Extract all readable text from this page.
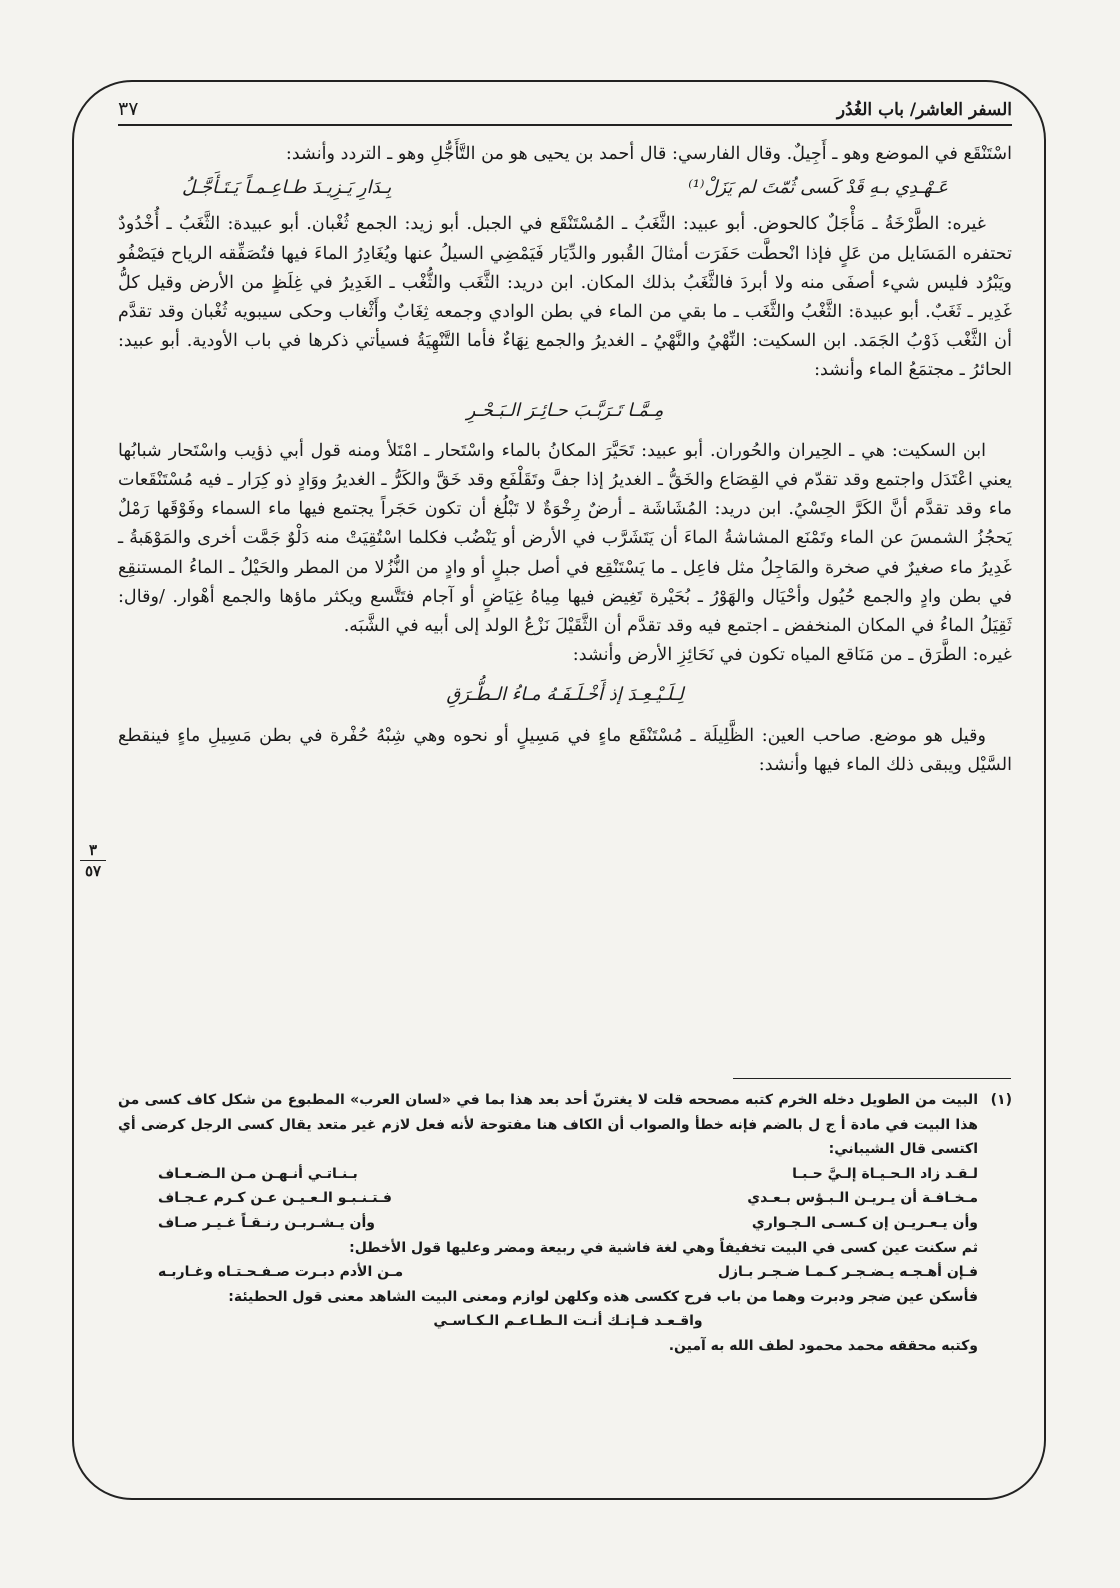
السفر العاشر/ باب الغُدُر
٣٧
٣
٥٧

اسْتَنْقَع في الموضع وهو ـ أَجِيلٌ. وقال الفارسي: قال أحمد بن يحيى هو من التَّأَجُّلِ وهو ـ التردد وأنشد:

عَـهْـدِي بـهِ قَدْ كَسى ثُمّتَ لم يَزَلْ⁽¹⁾
بِـدَارِ يَـزِيـدَ طـاعِـمـاً يَـتَـأَجَّـلُ

غيره: الطَّرْخَةُ ـ مَأْجَلٌ كالحوض. أبو عبيد: الثَّغَبُ ـ المُسْتَنْقَع في الجبل. أبو زيد: الجمع ثُغْبان. أبو عبيدة: الثَّغَبُ ـ أُخْدُودٌ تحتفره المَسَايل من عَلٍ فإذا انْحطَّت حَفَرَت أمثالَ القُبور والدِّيَار فَيَمْضِي السيلُ عنها ويُغَادِرُ الماءَ فيها فتُصَفِّقه الرياح فيَصْفُو ويَبْرُد فليس شيء أصفَى منه ولا أبردَ فالثَّغَبُ بذلك المكان. ابن دريد: الثَّغَب والثُّغْب ـ الغَدِيرُ في غِلَظٍ من الأرض وقيل كلُّ غَدِير ـ ثَغَبٌ. أبو عبيدة: الثَّغْبُ والثَّغَب ـ ما بقي من الماء في بطن الوادي وجمعه ثِغَابٌ وأَثْغاب وحكى سيبويه ثُغْبان وقد تقدَّم أن الثَّغْب ذَوْبُ الجَمَد. ابن السكيت: النِّهْيُ والنَّهْيُ ـ الغديرُ والجمع نِهَاءٌ فأما التَّنْهِيَةُ فسيأتي ذكرها في باب الأودية. أبو عبيد: الحائرُ ـ مجتمَعُ الماء وأنشد:

مِـمَّـا تَـرَبَّـبَ حـائِـرَ الـبَـحْـرِ

ابن السكيت: هي ـ الحِيران والحُوران. أبو عبيد: تَحَيَّرَ المكانُ بالماء واسْتَحار ـ امْتَلأ ومنه قول أبي ذؤيب واسْتَحار شبابُها يعني اعْتَدَل واجتمع وقد تقدّم في القِصَاع والخَقُّ ـ الغديرُ إذا جفَّ وتَقَلْفَع وقد خَقَّ والكَرُّ ـ الغديرُ ووَادٍ ذو كِرَار ـ فيه مُسْتَنْقَعات ماء وقد تقدَّم أنَّ الكَرَّ الحِسْيُ. ابن دريد: المُشَاشَة ـ أرضٌ رِخْوَةٌ لا تَبْلُغ أن تكون حَجَراً يجتمع فيها ماء السماء وفَوْقَها رَمْلٌ يَحجُزُ الشمسَ عن الماء وتَمْنَع المشاشةُ الماءَ أن يَتَشَرَّب في الأرض أو يَنْضُب فكلما اسْتُقِيَتْ منه دَلْوٌ جَمَّت أخرى والمَوْهَبةُ ـ غَدِيرُ ماء صغيرٌ في صخرة والمَاجِلُ مثل فاعِل ـ ما يَسْتَنْقِع في أصل جبلٍ أو وادٍ من النُّزُلا من المطر والحَيْلُ ـ الماءُ المستنقِع في بطن وادٍ والجمع حُيُول وأحْيَال والهَوْرُ ـ بُحَيْرة تَغِيض فيها مِياهُ غِيَاضٍ أو آجام فتَتَّسع ويكثر ماؤها والجمع أهْوار. /وقال: ثَقِيَلُ الماءُ في المكان المنخفض ـ اجتمع فيه وقد تقدَّم أن الثَّقَيْلَ نَزْعُ الولد إلى أبيه في الشَّبَه.

غيره: الطَّرَق ـ من مَنَاقع المياه تكون في نَحَائِزِ الأرض وأنشد:

لِـلَـيْـعِـدَ إذ أَخْـلَـفَـهُ مـاءُ الـطُّـرَقِ

وقيل هو موضع. صاحب العين: الظَّلِيلَة ـ مُسْتَنْقَع ماءٍ في مَسِيلٍ أو نحوه وهي شِبْهُ حُفْرة في بطن مَسِيلِ ماءٍ فينقطع السَّيْل ويبقى ذلك الماء فيها وأنشد:

(١)
البيت من الطويل دخله الخرم كتبه مصححه قلت لا يغترنّ أحد بعد هذا بما في «لسان العرب» المطبوع من شكل كاف كسى من هذا البيت في مادة أ ج ل بالضم فإنه خطأ والصواب أن الكاف هنا مفتوحة لأنه فعل لازم غير متعد يقال كسى الرجل كرضى أي اكتسى قال الشيباني:
لـقـد زاد الـحـيـاة إلـيَّ حـبـا
بـنـاتـي أنـهـن مـن الـضـعـاف
مـخـافـة أن يـريـن الـبـؤس بـعـدي
فـتـنـبـو الـعـيـن عـن كـرم عـجـاف
وأن يـعـريـن إن كـسـى الـجـواري
وأن يـشـربـن رنـقـاً غـيـر صـاف
ثم سكنت عين كسى في البيت تخفيفاً وهي لغة فاشية في ربيعة ومضر وعليها قول الأخطل:
فـإن أهـجـه يـضـجـر كـمـا ضـجـر بـازل
مـن الأدم دبـرت صـفـحـتـاه وغـاربـه
فأسكن عين ضجر ودبرت وهما من باب فرح ككسى هذه وكلهن لوازم ومعنى البيت الشاهد معنى قول الحطيئة:
واقـعـد فـإنـك أنـت الـطـاعـم الـكـاسـي
وكتبه محققه محمد محمود لطف الله به آمين.
